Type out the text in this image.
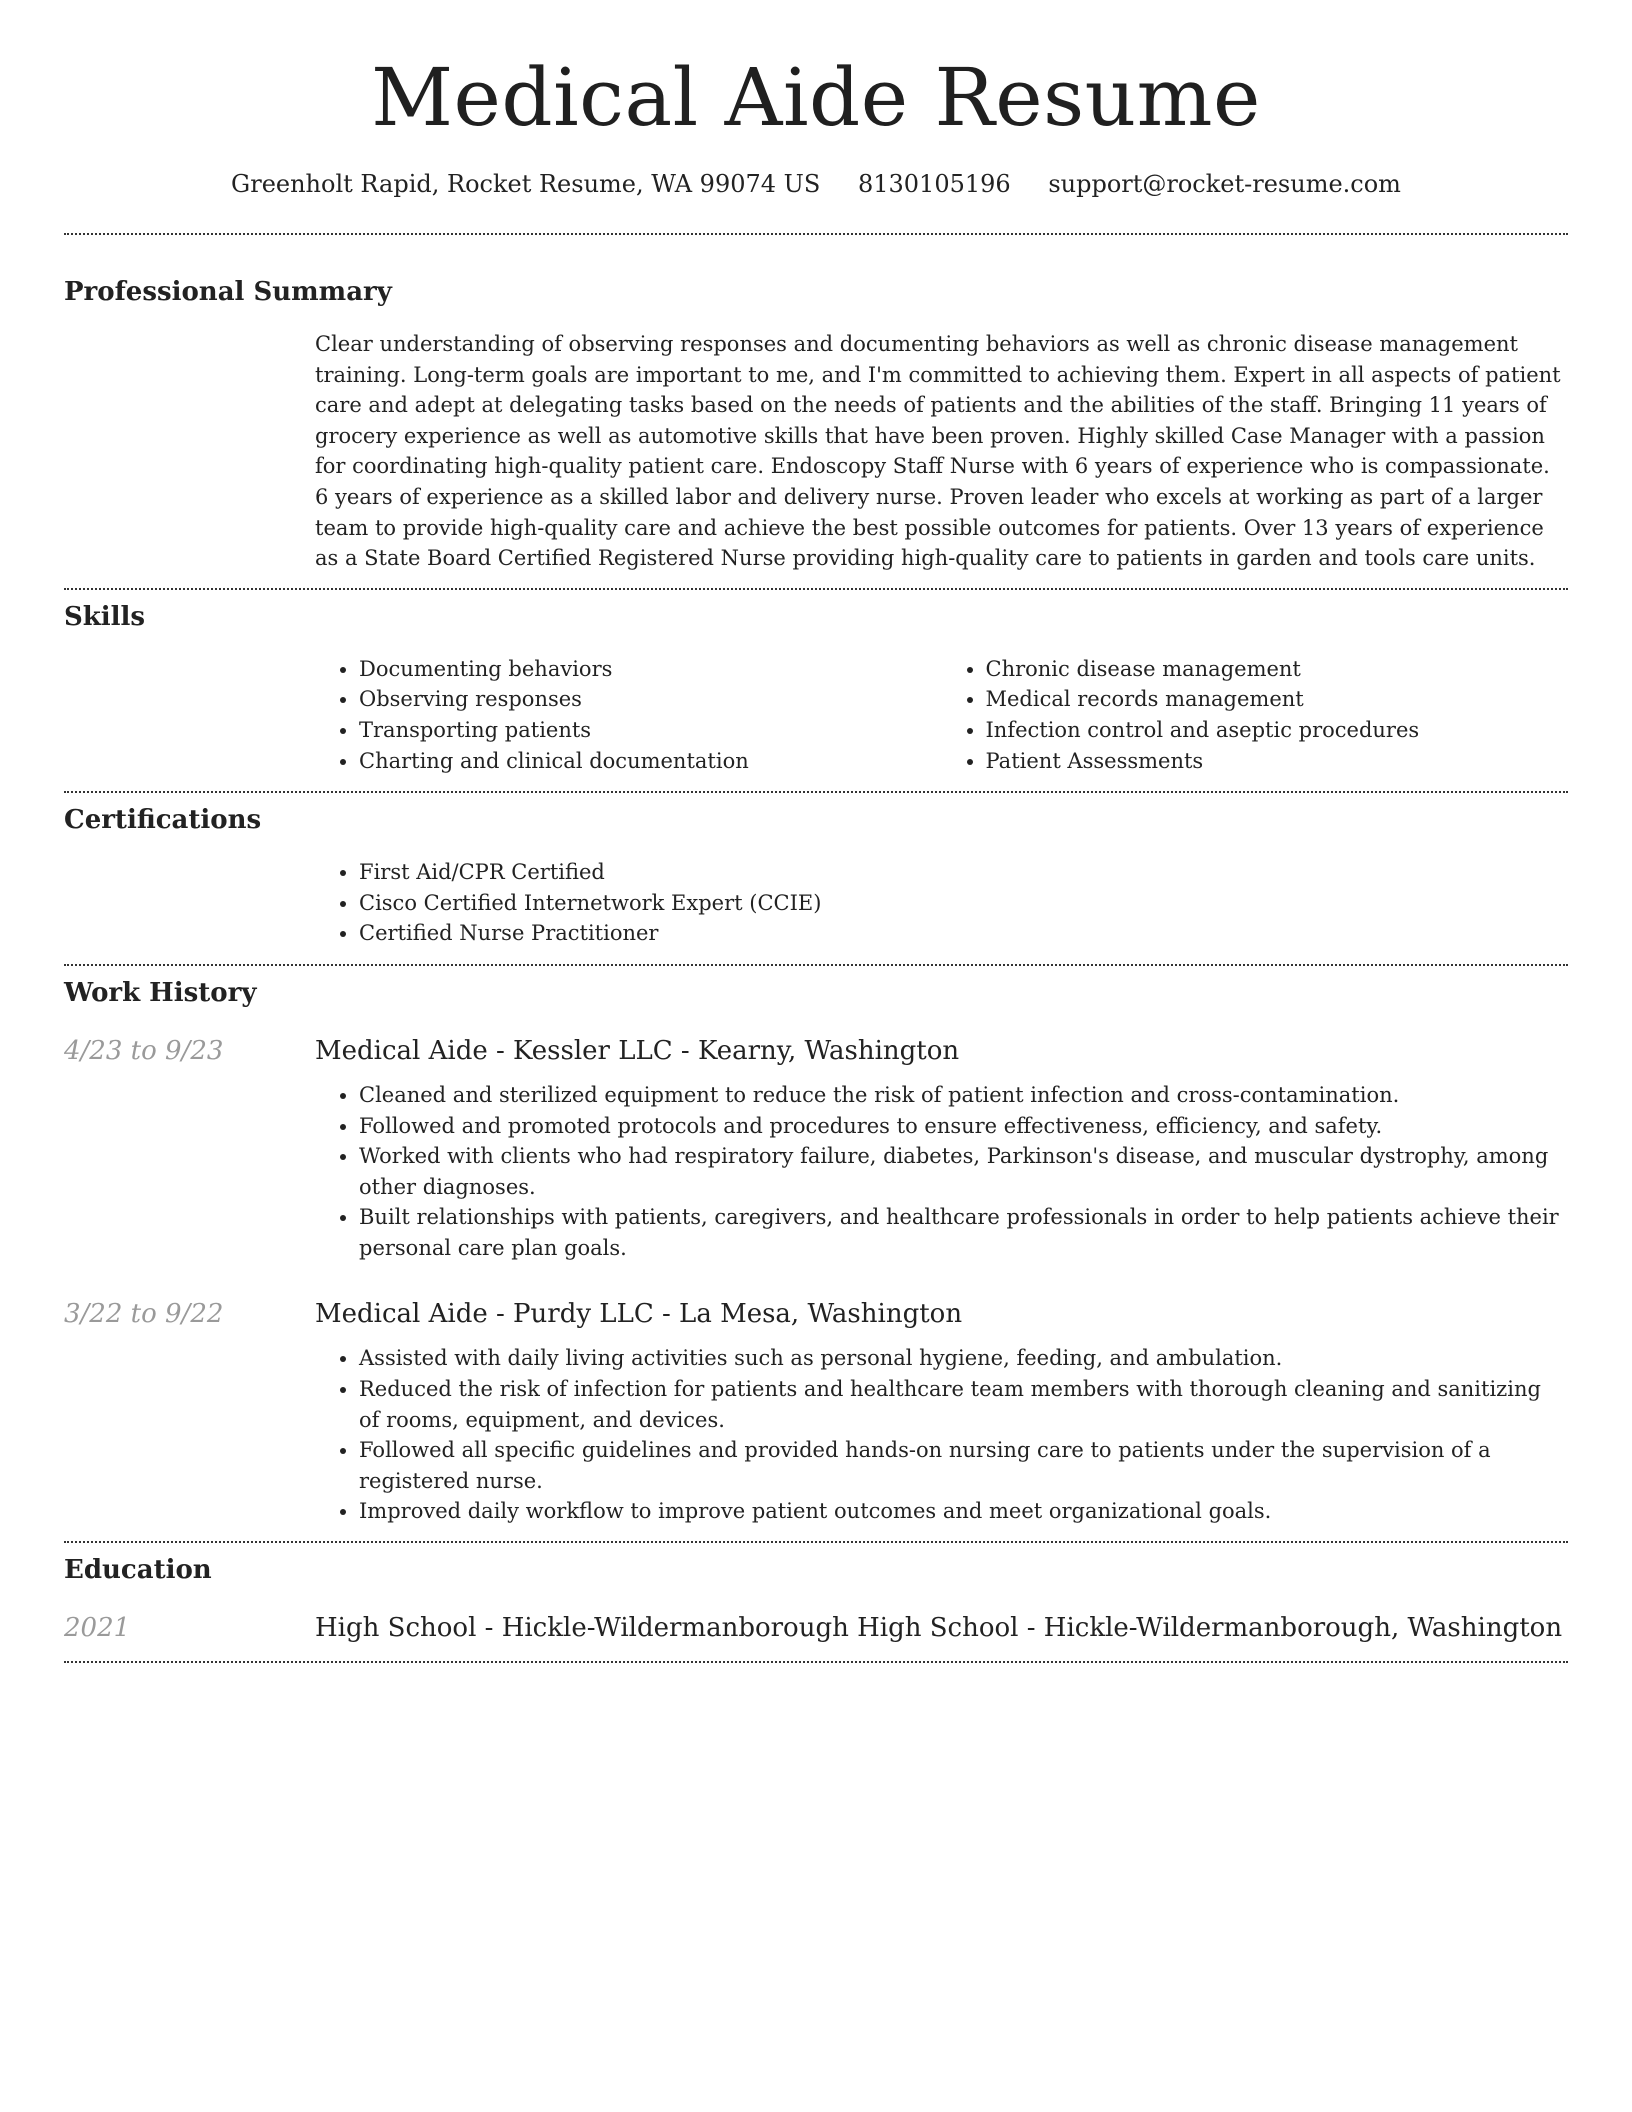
Medical Aide Resume
Greenholt Rapid, Rocket Resume, WA 99074 US 8130105196 support@rocket-resume.com
Professional Summary

Clear understanding of observing responses and documenting behaviors as well as chronic disease management training. Long-term goals are important to me, and I'm committed to achieving them. Expert in all aspects of patient care and adept at delegating tasks based on the needs of patients and the abilities of the staff. Bringing 11 years of grocery experience as well as automotive skills that have been proven. Highly skilled Case Manager with a passion for coordinating high-quality patient care. Endoscopy Staff Nurse with 6 years of experience who is compassionate. 6 years of experience as a skilled labor and delivery nurse. Proven leader who excels at working as part of a larger team to provide high-quality care and achieve the best possible outcomes for patients. Over 13 years of experience as a State Board Certified Registered Nurse providing high-quality care to patients in garden and tools care units.

Skills
• Documenting behaviors
• Observing responses
• Transporting patients
• Charting and clinical documentation
• Chronic disease management
• Medical records management
• Infection control and aseptic procedures
• Patient Assessments
Certifications
• First Aid/CPR Certified
• Cisco Certified Internetwork Expert (CCIE)
• Certified Nurse Practitioner
Work History
4/23 to 9/23	Medical Aide - Kessler LLC - Kearny, Washington
• Cleaned and sterilized equipment to reduce the risk of patient infection and cross-contamination.
• Followed and promoted protocols and procedures to ensure effectiveness, efficiency, and safety.
• Worked with clients who had respiratory failure, diabetes, Parkinson's disease, and muscular dystrophy, among other diagnoses.
• Built relationships with patients, caregivers, and healthcare professionals in order to help patients achieve their personal care plan goals.
3/22 to 9/22	Medical Aide - Purdy LLC - La Mesa, Washington
• Assisted with daily living activities such as personal hygiene, feeding, and ambulation.
• Reduced the risk of infection for patients and healthcare team members with thorough cleaning and sanitizing of rooms, equipment, and devices.
• Followed all specific guidelines and provided hands-on nursing care to patients under the supervision of a registered nurse.
• Improved daily workflow to improve patient outcomes and meet organizational goals.
Education
2021	High School - Hickle-Wildermanborough High School - Hickle-Wildermanborough, Washington
